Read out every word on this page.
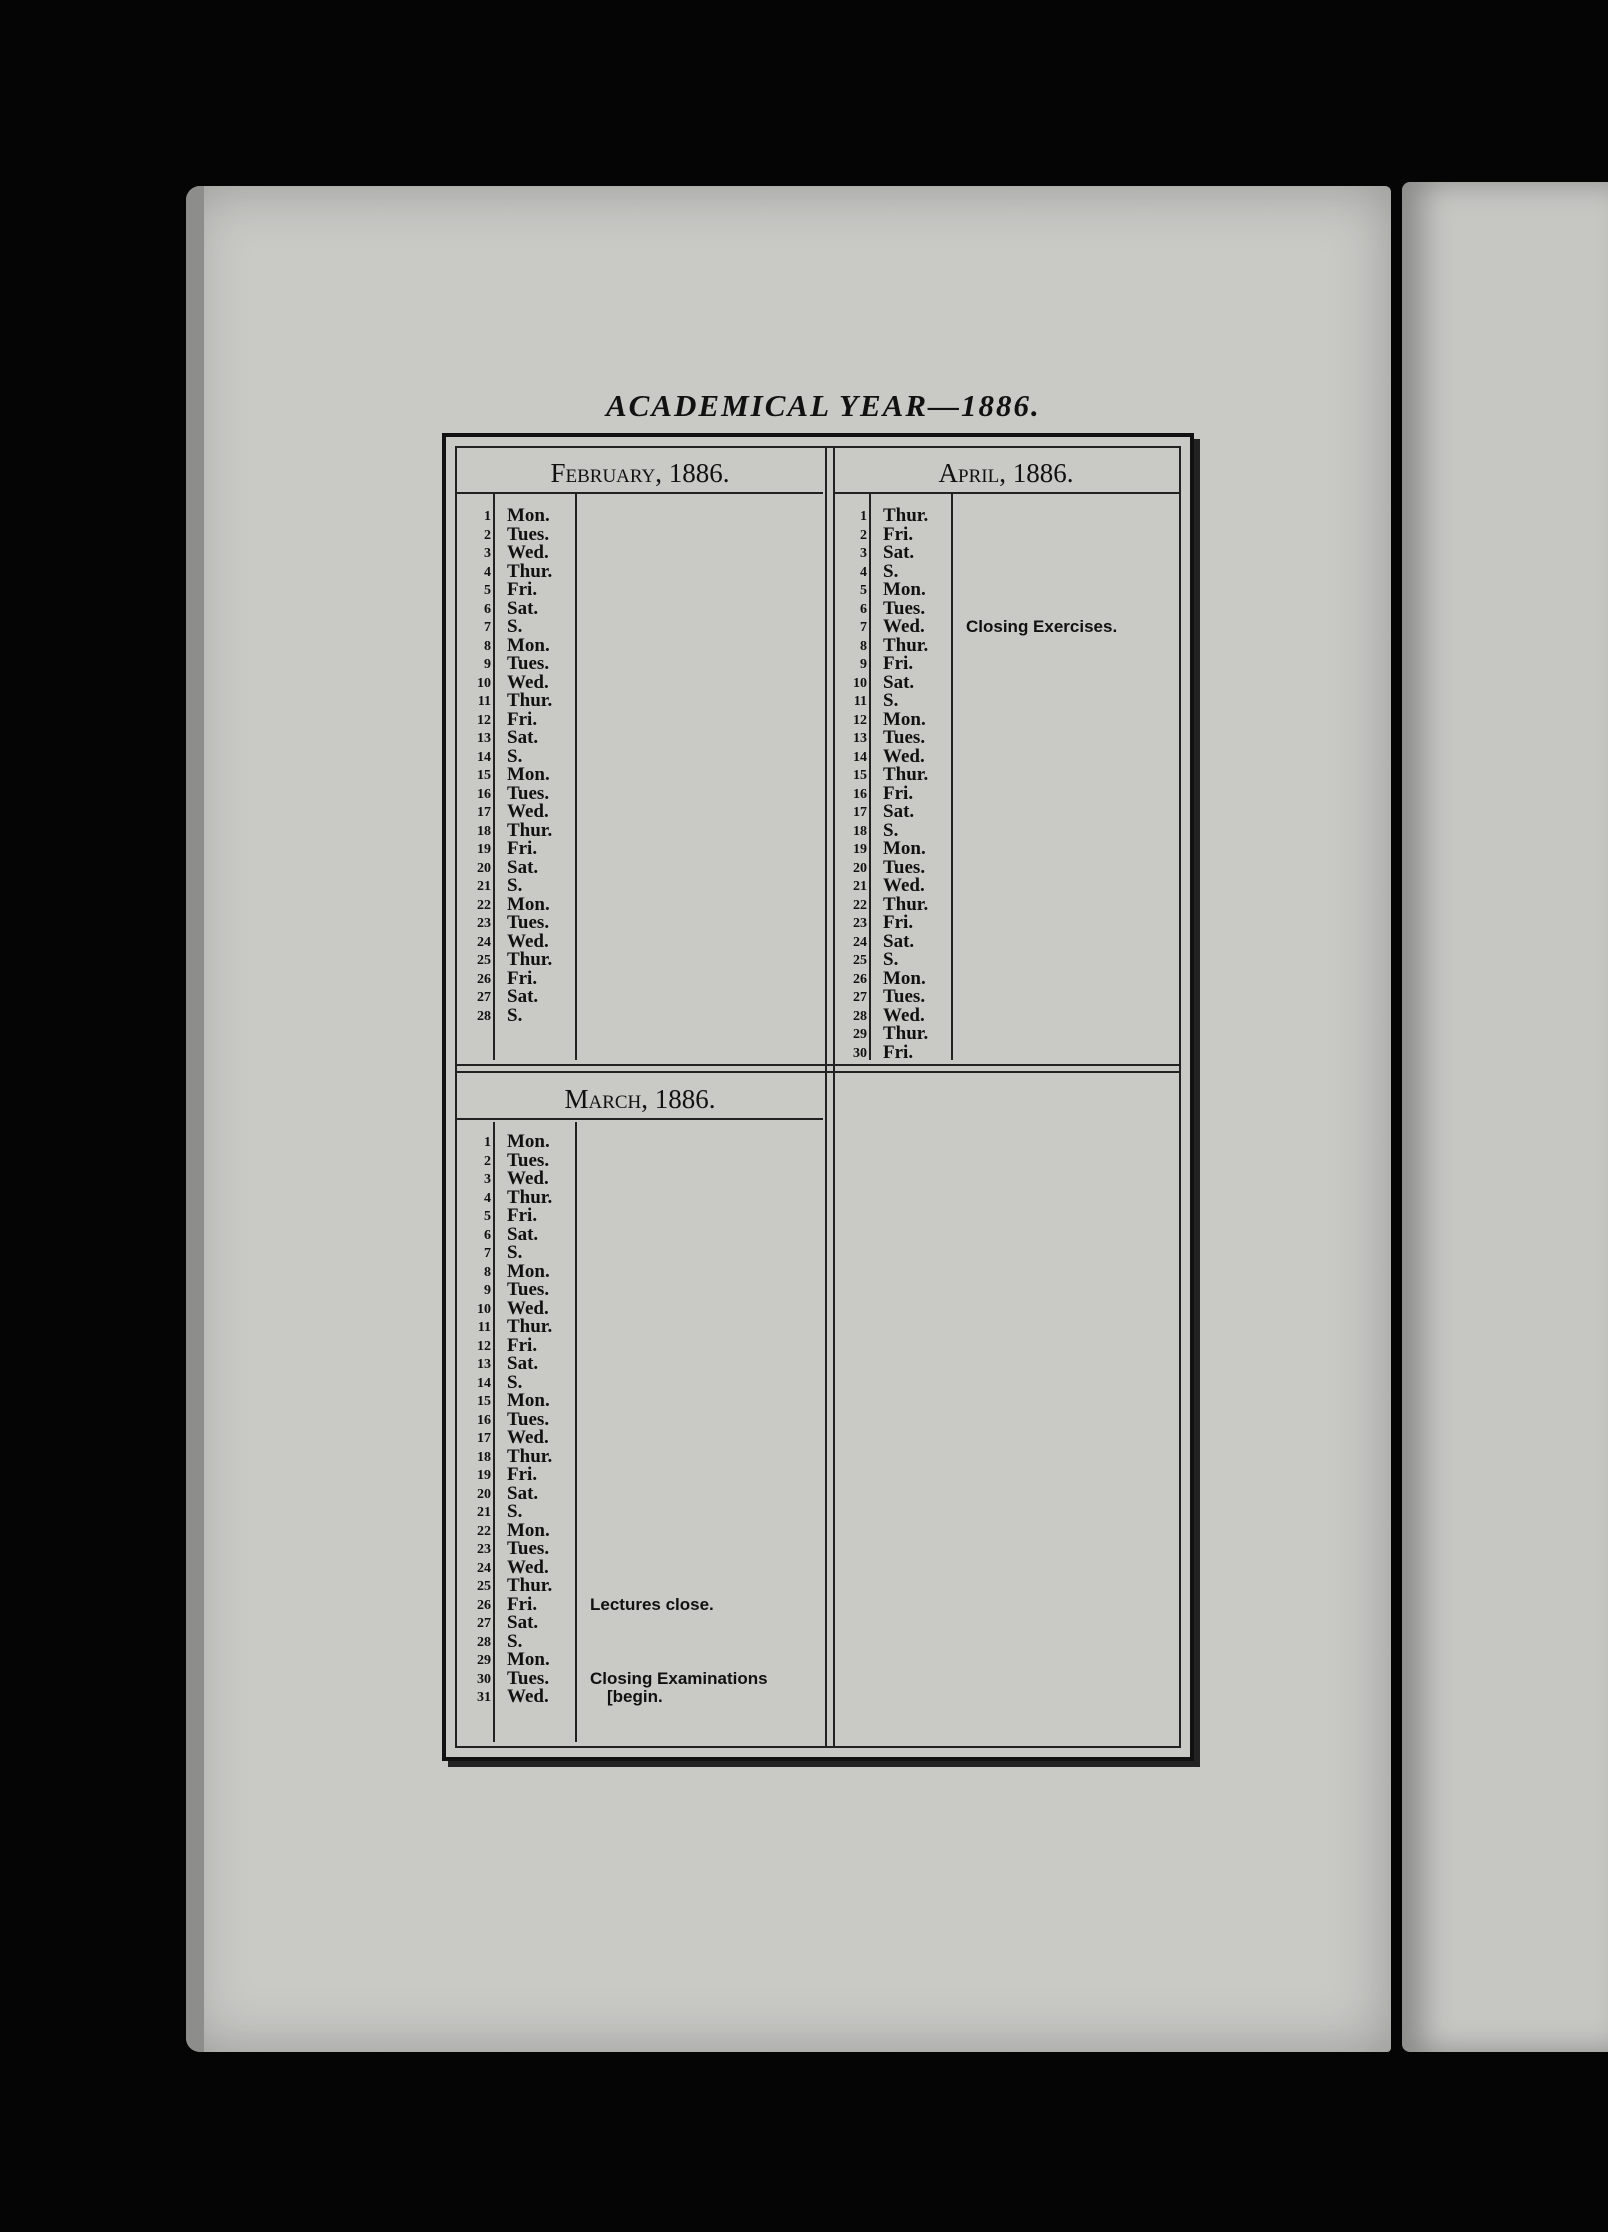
ACADEMICAL YEAR—1886.
February, 1886.
1 Mon.
2 Tues.
3 Wed.
4 Thur.
5 Fri.
6 Sat.
7 S.
8 Mon.
9 Tues.
10 Wed.
11 Thur.
12 Fri.
13 Sat.
14 S.
15 Mon.
16 Tues.
17 Wed.
18 Thur.
19 Fri.
20 Sat.
21 S.
22 Mon.
23 Tues.
24 Wed.
25 Thur.
26 Fri.
27 Sat.
28 S.
April, 1886.
1 Thur.
2 Fri.
3 Sat.
4 S.
5 Mon.
6 Tues.
7 Wed. Closing Exercises.
8 Thur.
9 Fri.
10 Sat.
11 S.
12 Mon.
13 Tues.
14 Wed.
15 Thur.
16 Fri.
17 Sat.
18 S.
19 Mon.
20 Tues.
21 Wed.
22 Thur.
23 Fri.
24 Sat.
25 S.
26 Mon.
27 Tues.
28 Wed.
29 Thur.
30 Fri.
March, 1886.
1 Mon.
2 Tues.
3 Wed.
4 Thur.
5 Fri.
6 Sat.
7 S.
8 Mon.
9 Tues.
10 Wed.
11 Thur.
12 Fri.
13 Sat.
14 S.
15 Mon.
16 Tues.
17 Wed.
18 Thur.
19 Fri.
20 Sat.
21 S.
22 Mon.
23 Tues.
24 Wed.
25 Thur.
26 Fri.	Lectures close.
27 Sat.
28 S.
29 Mon.
30 Tues. Closing Examinations
31 Wed.	[begin.
